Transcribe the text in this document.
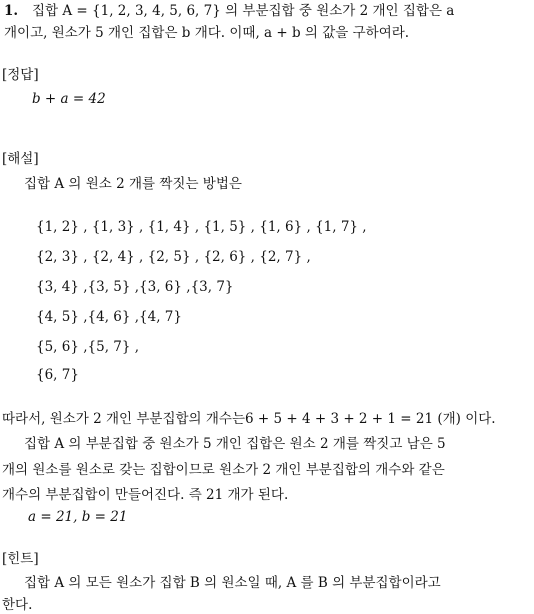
1. 집합 A = {1, 2, 3, 4, 5, 6, 7} 의 부분집합 중 원소가 2 개인 집합은 a
개이고, 원소가 5 개인 집합은 b 개다. 이때, a + b 의 값을 구하여라.
[정답]
b + a = 42
[해설]
집합 A 의 원소 2 개를 짝짓는 방법은
{1, 2} , {1, 3} , {1, 4} , {1, 5} , {1, 6} , {1, 7} ,
{2, 3} , {2, 4} , {2, 5} , {2, 6} , {2, 7} ,
{3, 4} ,{3, 5} ,{3, 6} ,{3, 7}
{4, 5} ,{4, 6} ,{4, 7}
{5, 6} ,{5, 7} ,
{6, 7}
따라서, 원소가 2 개인 부분집합의 개수는6 + 5 + 4 + 3 + 2 + 1 = 21 (개) 이다.
집합 A 의 부분집합 중 원소가 5 개인 집합은 원소 2 개를 짝짓고 남은 5
개의 원소를 원소로 갖는 집합이므로 원소가 2 개인 부분집합의 개수와 같은
개수의 부분집합이 만들어진다. 즉 21 개가 된다.
a = 21, b = 21
[힌트]
집합 A 의 모든 원소가 집합 B 의 원소일 때, A 를 B 의 부분집합이라고
한다.
